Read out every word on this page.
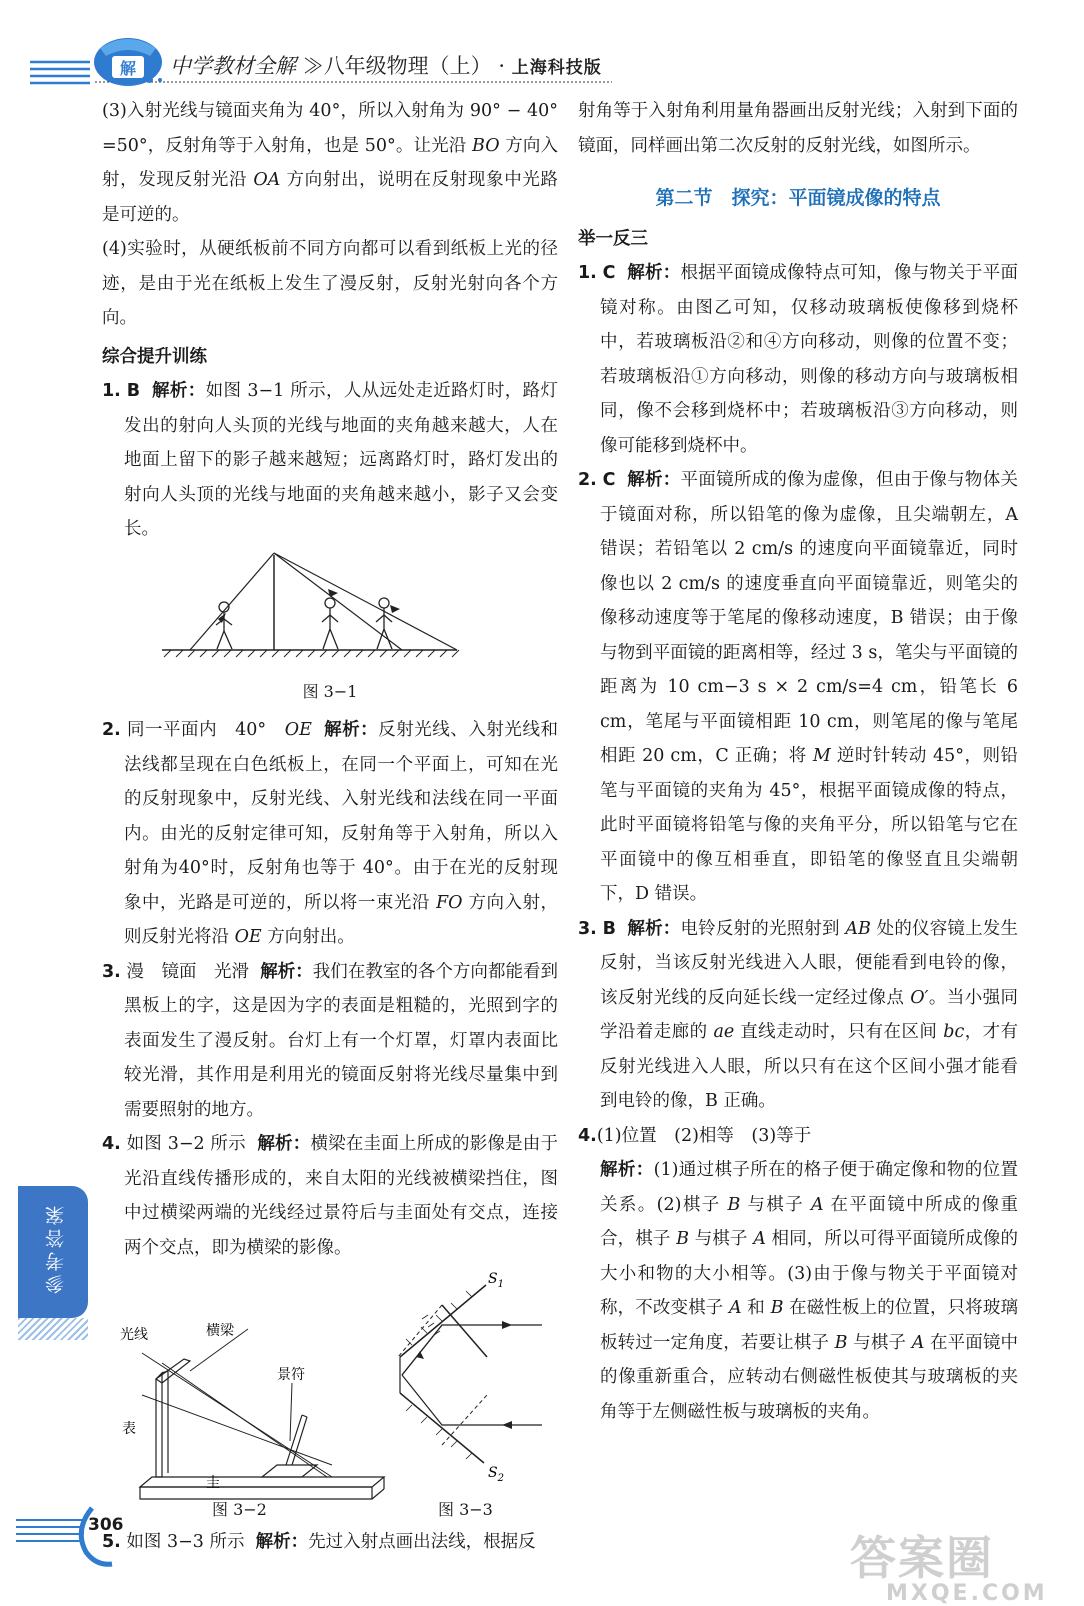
解 中学教材全解 ≫八年级物理（上） · 上海科技版

(3)入射光线与镜面夹角为 40°，所以入射角为 90° − 40° =50°，反射角等于入射角，也是 50°。让光沿 BO 方向入射，发现反射光沿 OA 方向射出，说明在反射现象中光路是可逆的。

(4)实验时，从硬纸板前不同方向都可以看到纸板上光的径迹，是由于光在纸板上发生了漫反射，反射光射向各个方向。

综合提升训练

1. B 解析：如图 3−1 所示，人从远处走近路灯时，路灯发出的射向人头顶的光线与地面的夹角越来越大，人在地面上留下的影子越来越短；远离路灯时，路灯发出的射向人头顶的光线与地面的夹角越来越小，影子又会变长。

图 3−1

2. 同一平面内　40°　OE 解析：反射光线、入射光线和法线都呈现在白色纸板上，在同一个平面上，可知在光的反射现象中，反射光线、入射光线和法线在同一平面内。由光的反射定律可知，反射角等于入射角，所以入射角为40°时，反射角也等于 40°。由于在光的反射现象中，光路是可逆的，所以将一束光沿 FO 方向入射，则反射光将沿 OE 方向射出。

3. 漫　镜面　光滑 解析：我们在教室的各个方向都能看到黑板上的字，这是因为字的表面是粗糙的，光照到字的表面发生了漫反射。台灯上有一个灯罩，灯罩内表面比较光滑，其作用是利用光的镜面反射将光线尽量集中到需要照射的地方。

4. 如图 3−2 所示 解析：横梁在圭面上所成的影像是由于光沿直线传播形成的，来自太阳的光线被横梁挡住，图中过横梁两端的光线经过景符后与圭面处有交点，连接两个交点，即为横梁的影像。

光线	横梁
景符
表
圭
$S_1$
$S_2$
图 3−2	图 3−3

5. 如图 3−3 所示 解析：先过入射点画出法线，根据反

射角等于入射角利用量角器画出反射光线；入射到下面的镜面，同样画出第二次反射的反射光线，如图所示。

第二节　探究：平面镜成像的特点

举一反三

1. C 解析：根据平面镜成像特点可知，像与物关于平面镜对称。由图乙可知，仅移动玻璃板使像移到烧杯中，若玻璃板沿②和④方向移动，则像的位置不变；若玻璃板沿①方向移动，则像的移动方向与玻璃板相同，像不会移到烧杯中；若玻璃板沿③方向移动，则像可能移到烧杯中。

2. C 解析：平面镜所成的像为虚像，但由于像与物体关于镜面对称，所以铅笔的像为虚像，且尖端朝左，A 错误；若铅笔以 2 cm/s 的速度向平面镜靠近，同时像也以 2 cm/s 的速度垂直向平面镜靠近，则笔尖的像移动速度等于笔尾的像移动速度，B 错误；由于像与物到平面镜的距离相等，经过 3 s，笔尖与平面镜的距离为 10 cm−3 s × 2 cm/s=4 cm，铅笔长 6 cm，笔尾与平面镜相距 10 cm，则笔尾的像与笔尾相距 20 cm，C 正确；将 M 逆时针转动 45°，则铅笔与平面镜的夹角为 45°，根据平面镜成像的特点，此时平面镜将铅笔与像的夹角平分，所以铅笔与它在平面镜中的像互相垂直，即铅笔的像竖直且尖端朝下，D 错误。

3. B 解析：电铃反射的光照射到 AB 处的仪容镜上发生反射，当该反射光线进入人眼，便能看到电铃的像，该反射光线的反向延长线一定经过像点 O′。当小强同学沿着走廊的 ae 直线走动时，只有在区间 bc，才有反射光线进入人眼，所以只有在这个区间小强才能看到电铃的像，B 正确。

4.(1)位置　(2)相等　(3)等于

解析：(1)通过棋子所在的格子便于确定像和物的位置关系。(2)棋子 B 与棋子 A 在平面镜中所成的像重合，棋子 B 与棋子 A 相同，所以可得平面镜所成像的大小和物的大小相等。(3)由于像与物关于平面镜对称，不改变棋子 A 和 B 在磁性板上的位置，只将玻璃板转过一定角度，若要让棋子 B 与棋子 A 在平面镜中的像重新重合，应转动右侧磁性板使其与玻璃板的夹角等于左侧磁性板与玻璃板的夹角。

参考答案
306
答案圈
MXQE.COM
